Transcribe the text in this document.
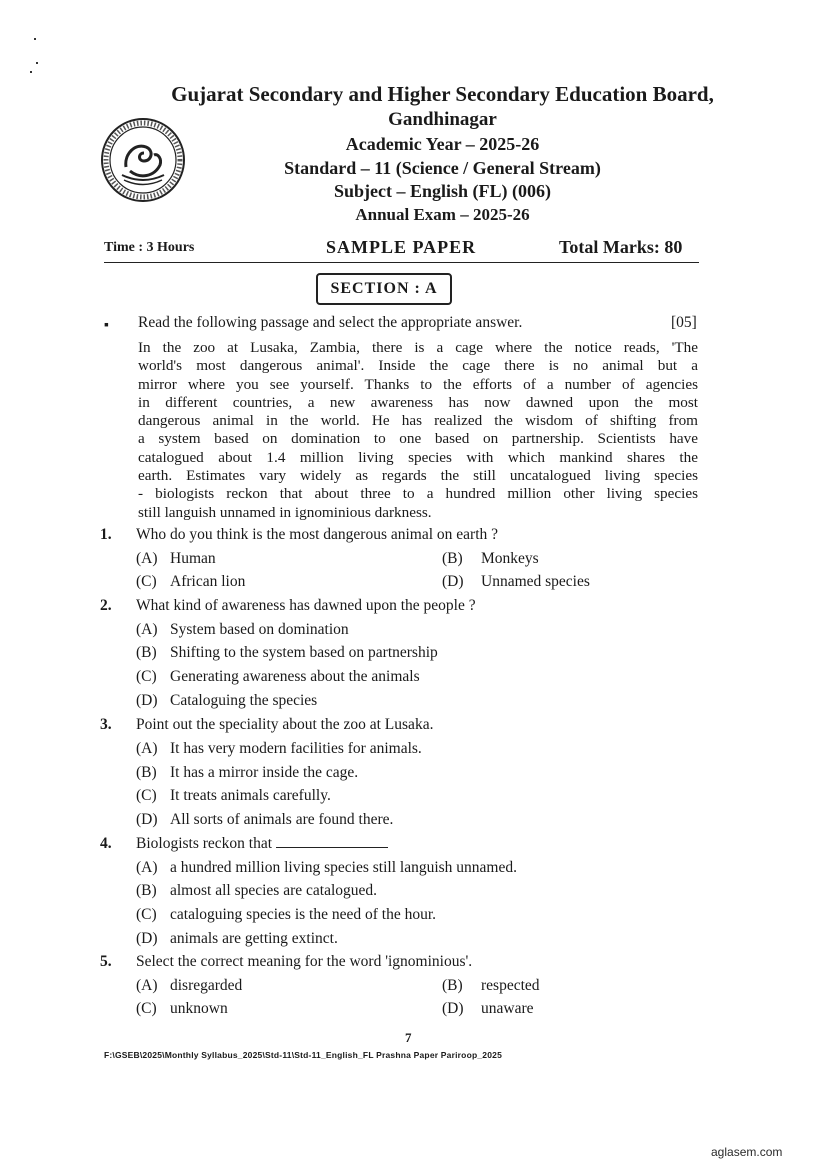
Gujarat Secondary and Higher Secondary Education Board,
Gandhinagar
Academic Year – 2025-26
Standard – 11 (Science / General Stream)
Subject – English (FL) (006)
Annual Exam – 2025-26
Time : 3 Hours	SAMPLE PAPER	Total Marks: 80
SECTION : A
▪ Read the following passage and select the appropriate answer.	[05]
In the zoo at Lusaka, Zambia, there is a cage where the notice reads, 'The
world's most dangerous animal'. Inside the cage there is no animal but a
mirror where you see yourself. Thanks to the efforts of a number of agencies
in different countries, a new awareness has now dawned upon the most
dangerous animal in the world. He has realized the wisdom of shifting from
a system based on domination to one based on partnership. Scientists have
catalogued about 1.4 million living species with which mankind shares the
earth. Estimates vary widely as regards the still uncatalogued living species
- biologists reckon that about three to a hundred million other living species
still languish unnamed in ignominious darkness.
1. Who do you think is the most dangerous animal on earth ?
(A) Human	(B) Monkeys
(C) African lion	(D) Unnamed species
2. What kind of awareness has dawned upon the people ?
(A) System based on domination
(B) Shifting to the system based on partnership
(C) Generating awareness about the animals
(D) Cataloguing the species
3. Point out the speciality about the zoo at Lusaka.
(A) It has very modern facilities for animals.
(B) It has a mirror inside the cage.
(C) It treats animals carefully.
(D) All sorts of animals are found there.
4. Biologists reckon that
(A) a hundred million living species still languish unnamed.
(B) almost all species are catalogued.
(C) cataloguing species is the need of the hour.
(D) animals are getting extinct.
5. Select the correct meaning for the word 'ignominious'.
(A) disregarded	(B) respected
(C) unknown	(D) unaware
7
F:\GSEB\2025\Monthly Syllabus_2025\Std-11\Std-11_English_FL Prashna Paper Pariroop_2025
aglasem.com
